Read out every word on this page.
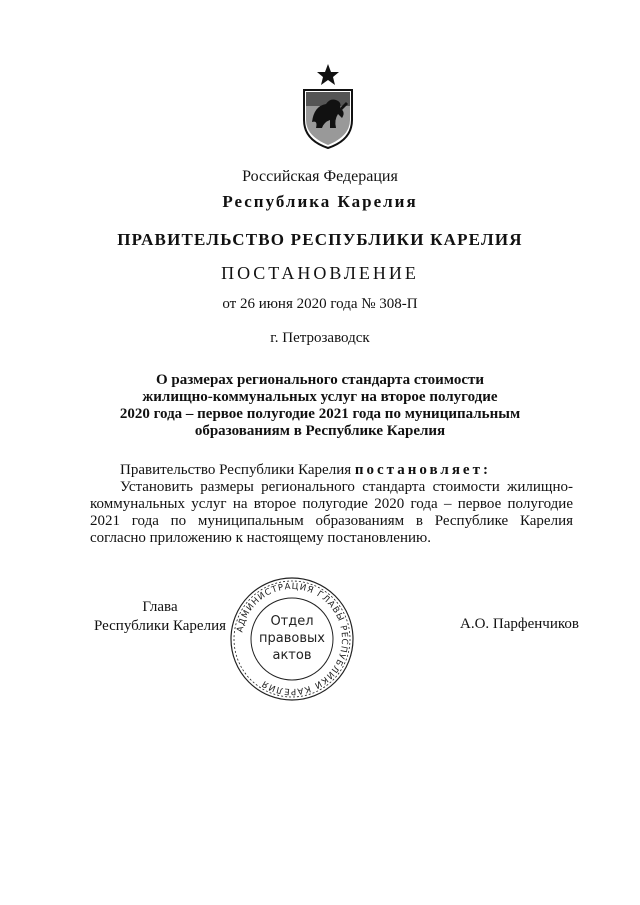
Российская Федерация
Республика Карелия
ПРАВИТЕЛЬСТВО РЕСПУБЛИКИ КАРЕЛИЯ
ПОСТАНОВЛЕНИЕ
от 26 июня 2020 года № 308-П
г. Петрозаводск
О размерах регионального стандарта стоимости
жилищно-коммунальных услуг на второе полугодие
2020 года – первое полугодие 2021 года по муниципальным
образованиям в Республике Карелия

Правительство Республики Карелия постановляет:

Установить размеры регионального стандарта стоимости жилищно-коммунальных услуг на второе полугодие 2020 года – первое полугодие 2021 года по муниципальным образованиям в Республике Карелия согласно приложению к настоящему постановлению.

Глава
Республики Карелия	АДМИНИСТРАЦИЯ ГЛАВЫ РЕСПУБЛИКИ КАРЕЛИЯ
Отдел
правовых
актов
А.О. Парфенчиков
